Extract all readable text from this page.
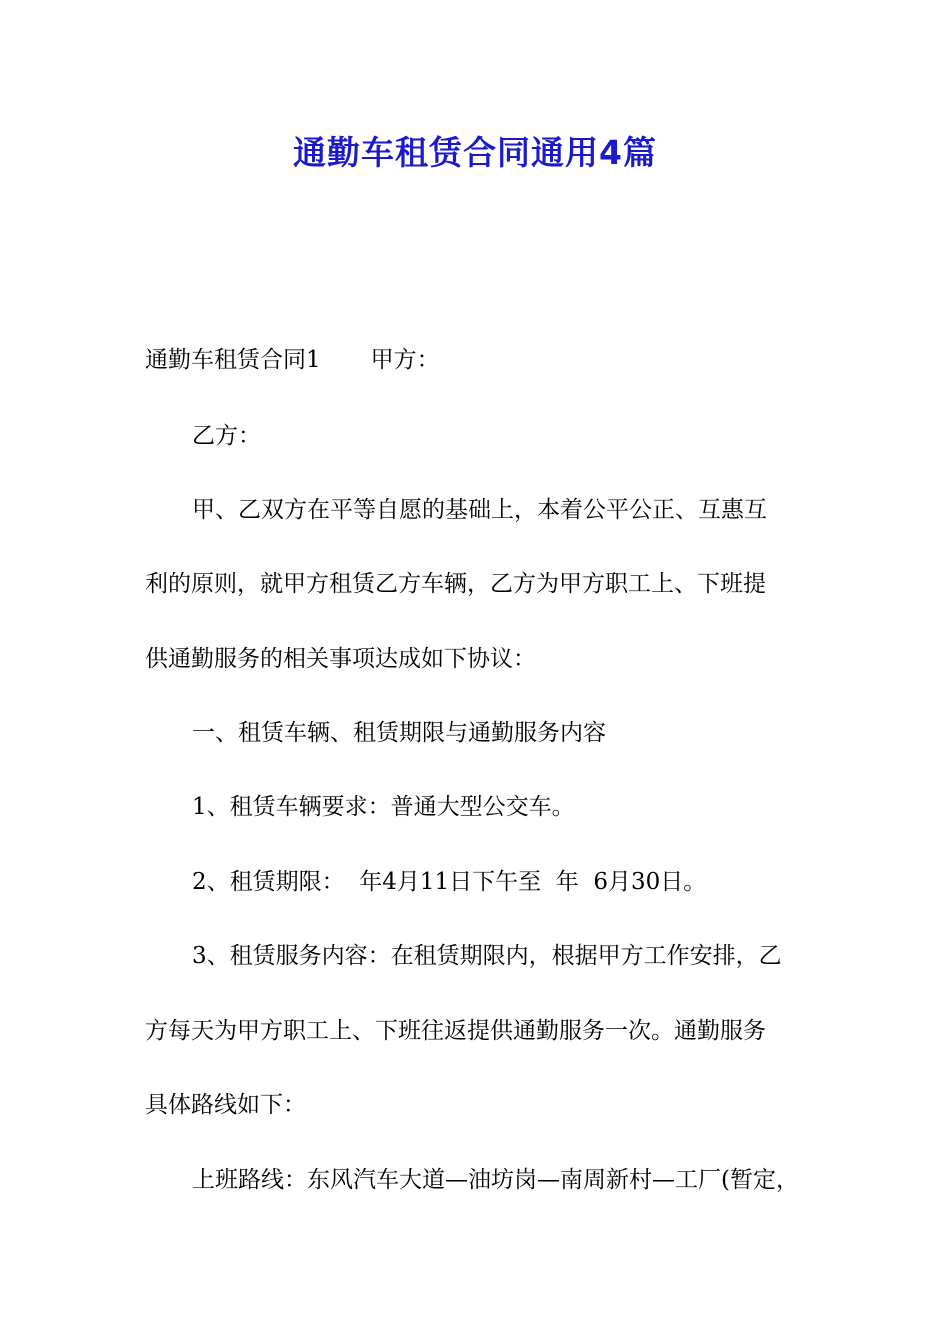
通勤车租赁合同通用4篇

通勤车租赁合同1 甲方：

乙方：

甲、乙双方在平等自愿的基础上，本着公平公正、互惠互

利的原则，就甲方租赁乙方车辆，乙方为甲方职工上、下班提

供通勤服务的相关事项达成如下协议：

一、租赁车辆、租赁期限与通勤服务内容

1、租赁车辆要求：普通大型公交车。

2、租赁期限：  年4月11日下午至  年  6月30日。

3、租赁服务内容：在租赁期限内，根据甲方工作安排，乙

方每天为甲方职工上、下班往返提供通勤服务一次。通勤服务

具体路线如下：

上班路线：东风汽车大道—油坊岗—南周新村—工厂(暂定，
